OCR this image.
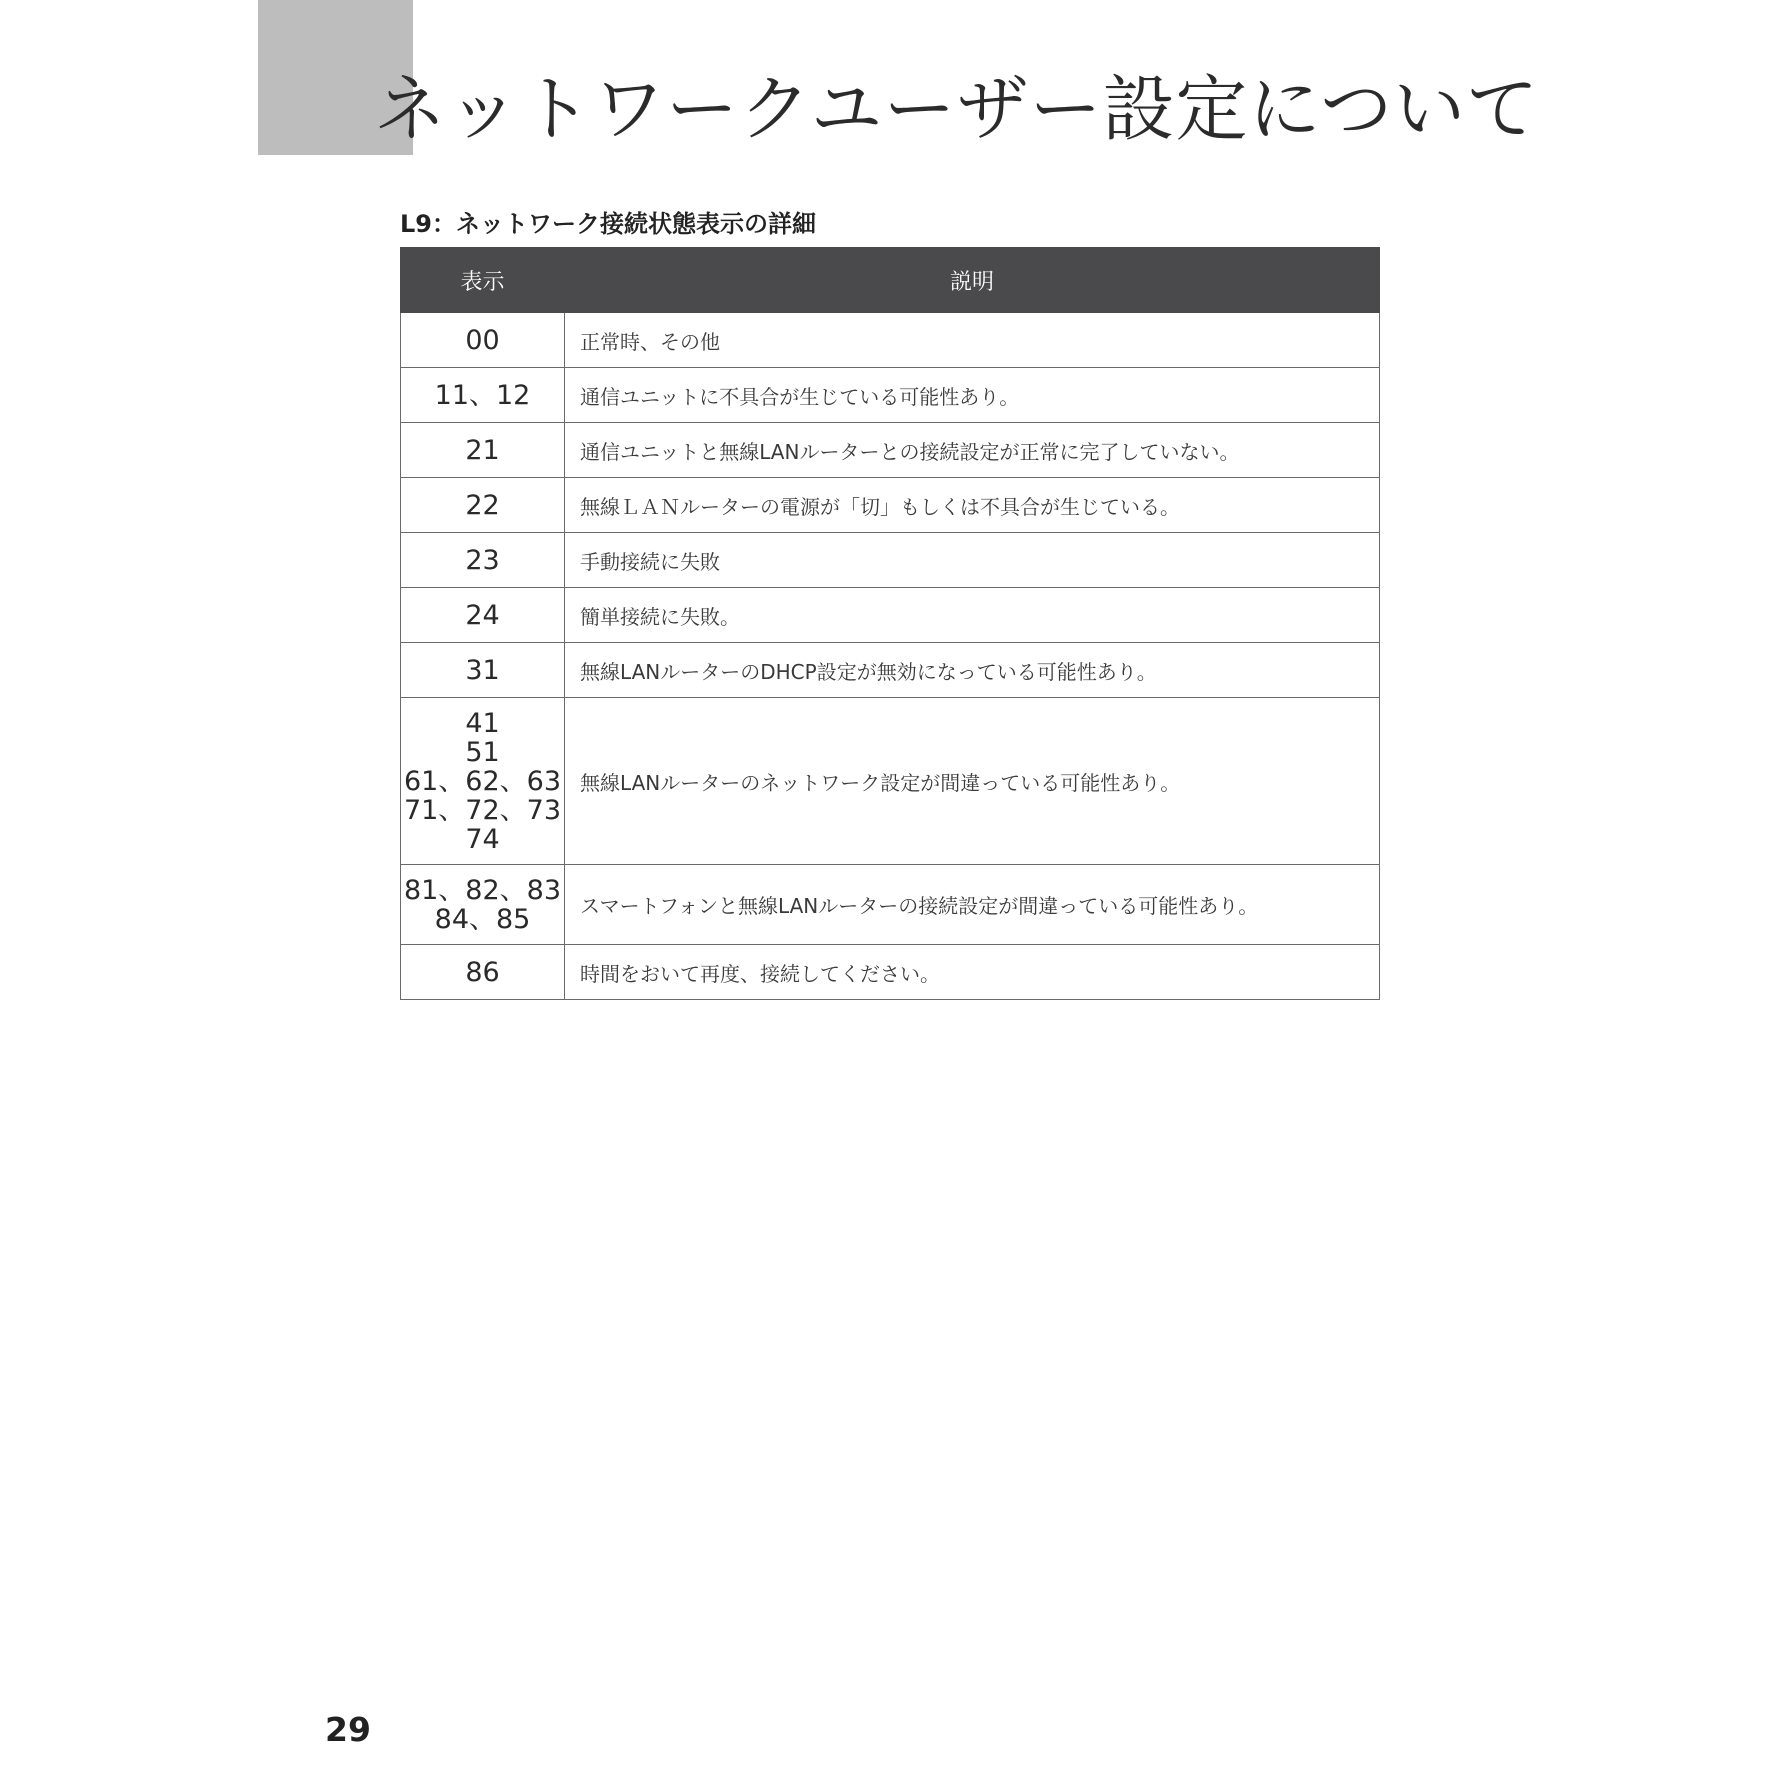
ネットワークユーザー設定について
L9：ネットワーク接続状態表示の詳細
表示	説明

00	正常時、その他

11、12	通信ユニットに不具合が生じている可能性あり。

21	通信ユニットと無線LANルーターとの接続設定が正常に完了していない。

22	無線ＬＡＮルーターの電源が「切」もしくは不具合が生じている。

23	手動接続に失敗

24	簡単接続に失敗。

31	無線LANルーターのDHCP設定が無効になっている可能性あり。

41
51
61、62、63
71、72、73
74	無線LANルーターのネットワーク設定が間違っている可能性あり。

81、82、83
84、85	スマートフォンと無線LANルーターの接続設定が間違っている可能性あり。

86	時間をおいて再度、接続してください。

29
